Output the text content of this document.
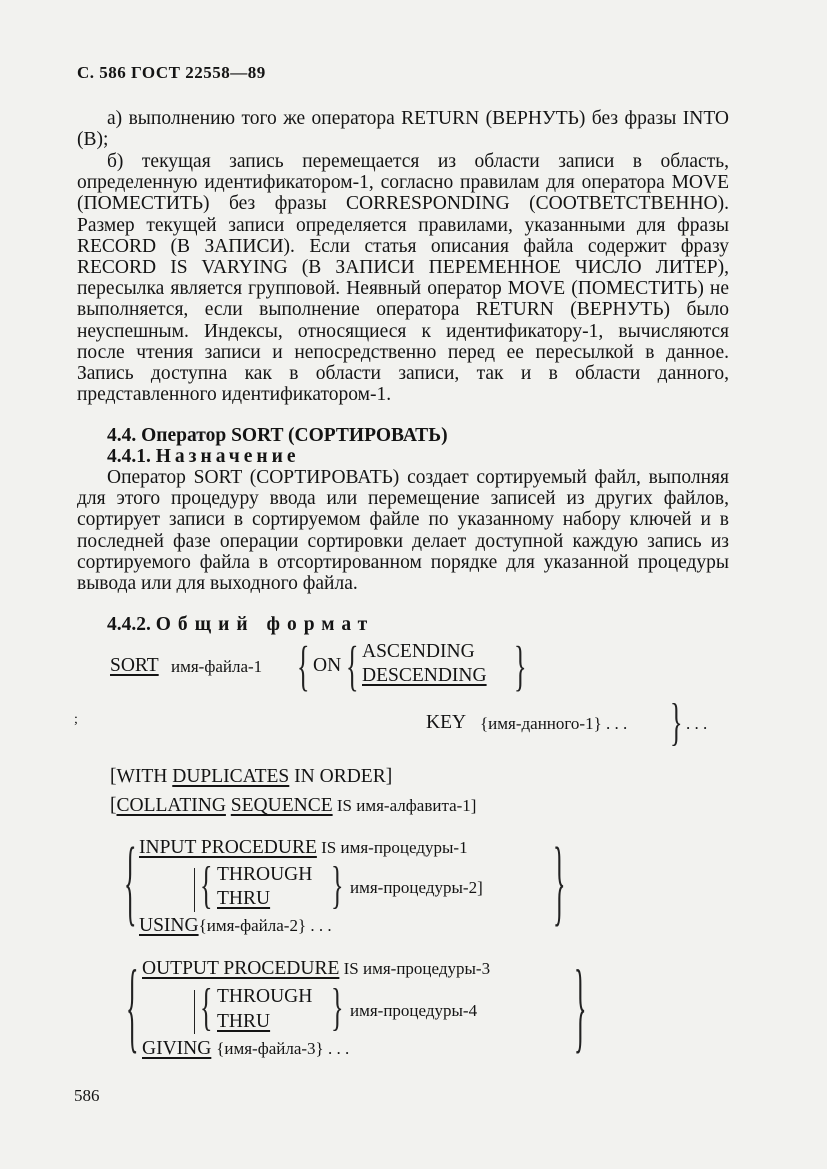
С. 586 ГОСТ 22558—89

а) выполнению того же оператора RETURN (ВЕРНУТЬ) без фразы INTO (В);

б) текущая запись перемещается из области записи в область, определенную идентификатором-1, согласно правилам для оператора MOVE (ПОМЕСТИТЬ) без фразы CORRESPONDING (СООТВЕТСТВЕННО). Размер текущей записи определяется правилами, указанными для фразы RECORD (В ЗАПИСИ). Если статья описания файла содержит фразу RECORD IS VARYING (В ЗАПИСИ ПЕРЕМЕННОЕ ЧИСЛО ЛИТЕР), пересылка является групповой. Неявный оператор MOVE (ПОМЕСТИТЬ) не выполняется, если выполнение оператора RETURN (ВЕРНУТЬ) было неуспешным. Индексы, относящиеся к идентификатору-1, вычисляются после чтения записи и непосредственно перед ее пересылкой в данное. Запись доступна как в области записи, так и в области данного, представленного идентификатором-1.

4.4. Оператор SORT (СОРТИРОВАТЬ)
4.4.1. Назначение

Оператор SORT (СОРТИРОВАТЬ) создает сортируемый файл, выполняя для этого процедуру ввода или перемещение записей из других файлов, сортирует записи в сортируемом файле по указанному набору ключей и в последней фазе операции сортировки делает доступной каждую запись из сортируемого файла в отсортированном порядке для указанной процедуры вывода или для выходного файла.

4.4.2. Общий формат
SORT имя-файла-1 { ON { ASCENDING
DESCENDING }
;	KEY {имя-данного-1} . . . } . . .
[WITH DUPLICATES IN ORDER]
[COLLATING SEQUENCE IS имя-алфавита-1]
{ INPUT PROCEDURE IS имя-процедуры-1
{ THROUGH
THRU } имя-процедуры-2]
USING{имя-файла-2} . . .	}
{ OUTPUT PROCEDURE IS имя-процедуры-3
{ THROUGH
THRU } имя-процедуры-4
GIVING {имя-файла-3} . . .	}
586
